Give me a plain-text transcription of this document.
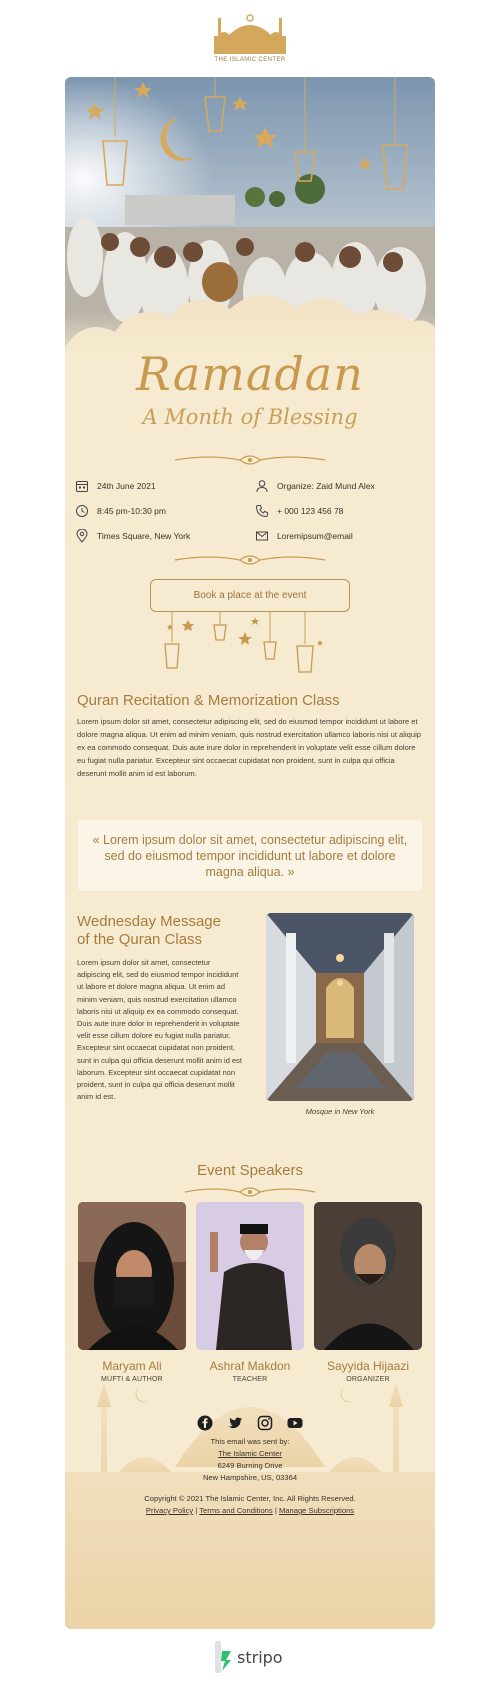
THE ISLAMIC CENTER
Ramadan
A Month of Blessing
24th June 2021
8:45 pm-10:30 pm
Times Square, New York
Organize: Zaid Mund Alex
+ 000 123 456 78
Loremipsum@email
Book a place at the event
Quran Recitation & Memorization Class
Lorem ipsum dolor sit amet, consectetur adipiscing elit, sed do eiusmod tempor incididunt ut labore et dolore magna aliqua. Ut enim ad minim veniam, quis nostrud exercitation ullamco laboris nisi ut aliquip ex ea commodo consequat. Duis aute irure dolor in reprehenderit in voluptate velit esse cillum dolore eu fugiat nulla pariatur. Excepteur sint occaecat cupidatat non proident, sunt in culpa qui officia deserunt mollit anim id est laborum.
« Lorem ipsum dolor sit amet, consectetur adipiscing elit, sed do eiusmod tempor incididunt ut labore et dolore magna aliqua. »
Wednesday Message
of the Quran Class
Lorem ipsum dolor sit amet, consectetur adipiscing elit, sed do eiusmod tempor incididunt ut labore et dolore magna aliqua. Ut enim ad minim veniam, quis nostrud exercitation ullamco laboris nisi ut aliquip ex ea commodo consequat. Duis aute irure dolor in reprehenderit in voluptate velit esse cillum dolore eu fugiat nulla pariatur. Excepteur sint occaecat cupidatat non proident, sunt in culpa qui officia deserunt mollit anim id est laborum. Excepteur sint occaecat cupidatat non proident, sunt in culpa qui officia deserunt mollit anim id est.
Mosque in New York
Event Speakers
Maryam Ali
MUFTI & AUTHOR
Ashraf Makdon
TEACHER
Sayyida Hijaazi
ORGANIZER
This email was sent by:
The Islamic Center
6249 Burning Drive
New Hampshire, US, 03364
Copyright © 2021 The Islamic Center, Inc. All Rights Reserved.
Privacy Policy | Terms and Conditions | Manage Subscriptions
stripo
